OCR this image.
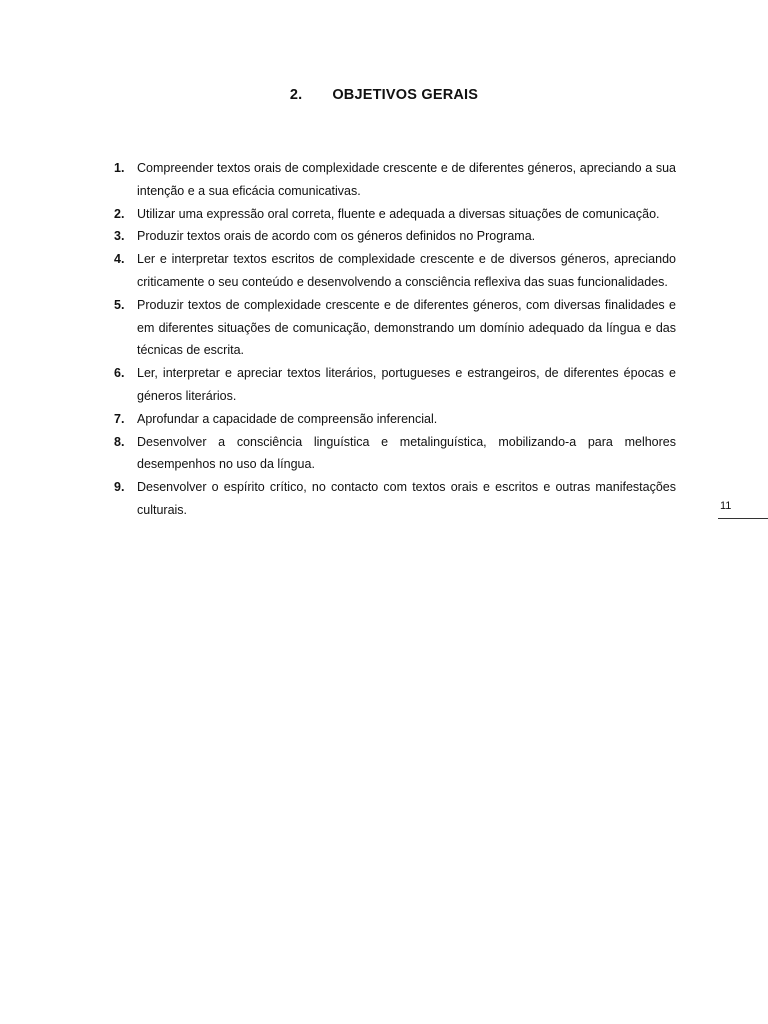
2. OBJETIVOS GERAIS
1. Compreender textos orais de complexidade crescente e de diferentes géneros, apreciando a sua intenção e a sua eficácia comunicativas.
2. Utilizar uma expressão oral correta, fluente e adequada a diversas situações de comunicação.
3. Produzir textos orais de acordo com os géneros definidos no Programa.
4. Ler e interpretar textos escritos de complexidade crescente e de diversos géneros, apreciando criticamente o seu conteúdo e desenvolvendo a consciência reflexiva das suas funcionalidades.
5. Produzir textos de complexidade crescente e de diferentes géneros, com diversas finalidades e em diferentes situações de comunicação, demonstrando um domínio adequado da língua e das técnicas de escrita.
6. Ler, interpretar e apreciar textos literários, portugueses e estrangeiros, de diferentes épocas e géneros literários.
7. Aprofundar a capacidade de compreensão inferencial.
8. Desenvolver a consciência linguística e metalinguística, mobilizando-a para melhores desempenhos no uso da língua.
9. Desenvolver o espírito crítico, no contacto com textos orais e escritos e outras manifestações culturais.	11
